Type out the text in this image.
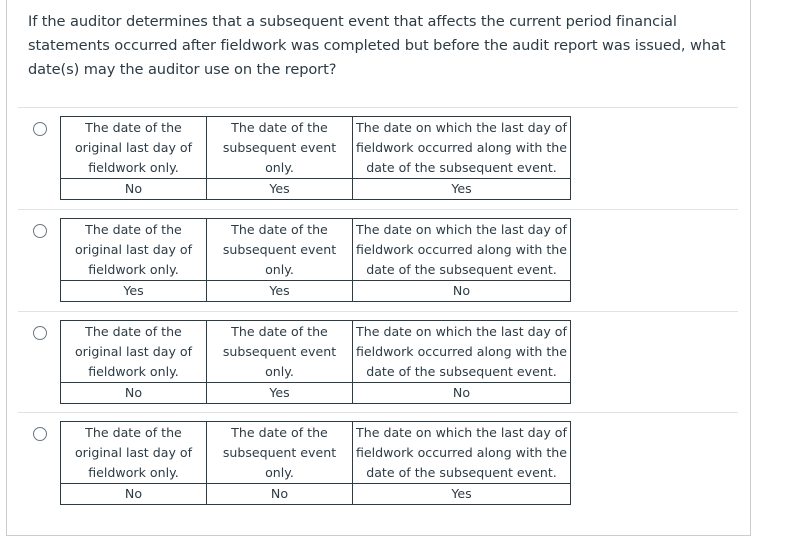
If the auditor determines that a subsequent event that affects the current period financial statements occurred after fieldwork was completed but before the audit report was issued, what date(s) may the auditor use on the report?
The date of the original last day of fieldwork only.	The date of the subsequent event only.	The date on which the last day of fieldwork occurred along with the date of the subsequent event.
No	Yes	Yes
The date of the original last day of fieldwork only.	The date of the subsequent event only.	The date on which the last day of fieldwork occurred along with the date of the subsequent event.
Yes	Yes	No
The date of the original last day of fieldwork only.	The date of the subsequent event only.	The date on which the last day of fieldwork occurred along with the date of the subsequent event.
No	Yes	No
The date of the original last day of fieldwork only.	The date of the subsequent event only.	The date on which the last day of fieldwork occurred along with the date of the subsequent event.
No	No	Yes
